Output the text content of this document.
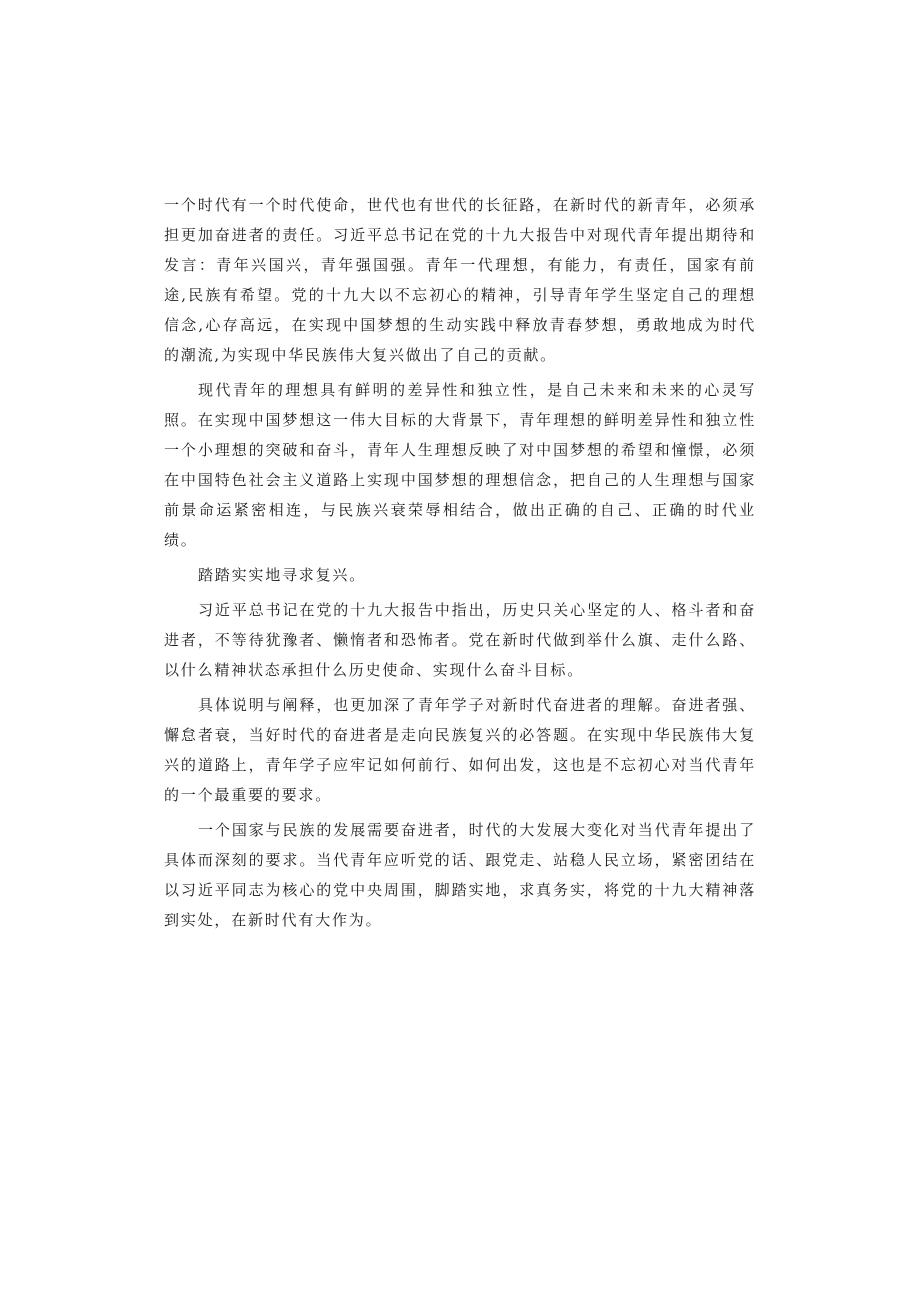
一个时代有一个时代使命，世代也有世代的长征路，在新时代的新青年，必须承担更加奋进者的责任。习近平总书记在党的十九大报告中对现代青年提出期待和发言：青年兴国兴，青年强国强。青年一代理想，有能力，有责任，国家有前途,民族有希望。党的十九大以不忘初心的精神，引导青年学生坚定自己的理想信念,心存高远，在实现中国梦想的生动实践中释放青春梦想，勇敢地成为时代的潮流,为实现中华民族伟大复兴做出了自己的贡献。

现代青年的理想具有鲜明的差异性和独立性，是自己未来和未来的心灵写照。在实现中国梦想这一伟大目标的大背景下，青年理想的鲜明差异性和独立性一个小理想的突破和奋斗，青年人生理想反映了对中国梦想的希望和憧憬，必须在中国特色社会主义道路上实现中国梦想的理想信念，把自己的人生理想与国家前景命运紧密相连，与民族兴衰荣辱相结合，做出正确的自己、正确的时代业绩。

踏踏实实地寻求复兴。

习近平总书记在党的十九大报告中指出，历史只关心坚定的人、格斗者和奋进者，不等待犹豫者、懒惰者和恐怖者。党在新时代做到举什么旗、走什么路、以什么精神状态承担什么历史使命、实现什么奋斗目标。

具体说明与阐释，也更加深了青年学子对新时代奋进者的理解。奋进者强、懈怠者衰，当好时代的奋进者是走向民族复兴的必答题。在实现中华民族伟大复兴的道路上，青年学子应牢记如何前行、如何出发，这也是不忘初心对当代青年的一个最重要的要求。

一个国家与民族的发展需要奋进者，时代的大发展大变化对当代青年提出了具体而深刻的要求。当代青年应听党的话、跟党走、站稳人民立场，紧密团结在以习近平同志为核心的党中央周围，脚踏实地，求真务实，将党的十九大精神落到实处，在新时代有大作为。
